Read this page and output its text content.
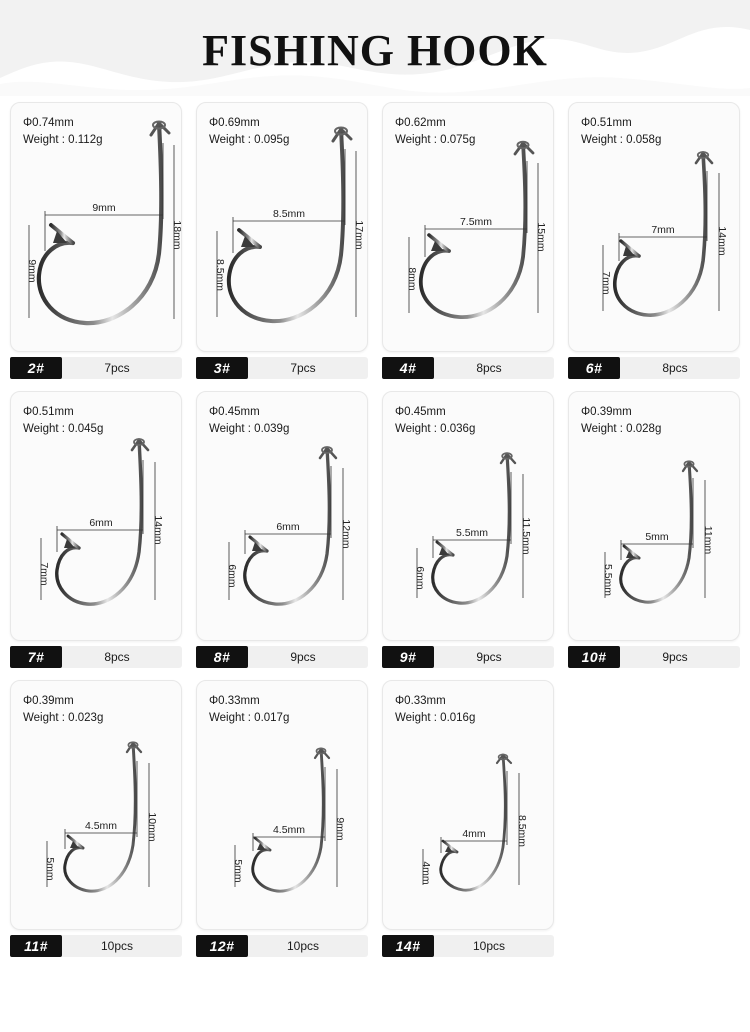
FISHING HOOK
Φ0.74mm
Weight : 0.112g
9mm
18mm
9mm
2#	7pcs
Φ0.69mm
Weight : 0.095g
8.5mm
17mm
8.5mm
3#	7pcs
Φ0.62mm
Weight : 0.075g
7.5mm
15mm
8mm
4#	8pcs
Φ0.51mm
Weight : 0.058g
7mm	14mm
7mm
6#	8pcs
Φ0.51mm
Weight : 0.045g
6mm	14mm
7mm
7#	8pcs
Φ0.45mm
Weight : 0.039g
6mm	12mm
6mm
8#	9pcs
Φ0.45mm
Weight : 0.036g
5.5mm	11.5mm
6mm
9#	9pcs
Φ0.39mm
Weight : 0.028g
5mm	11mm
5.5mm
10#	9pcs
Φ0.39mm
Weight : 0.023g
4.5mm	10mm
5mm
11#	10pcs
Φ0.33mm
Weight : 0.017g
4.5mm	9mm
5mm
12#	10pcs
Φ0.33mm
Weight : 0.016g
4mm	8.5mm
4mm
14#	10pcs
